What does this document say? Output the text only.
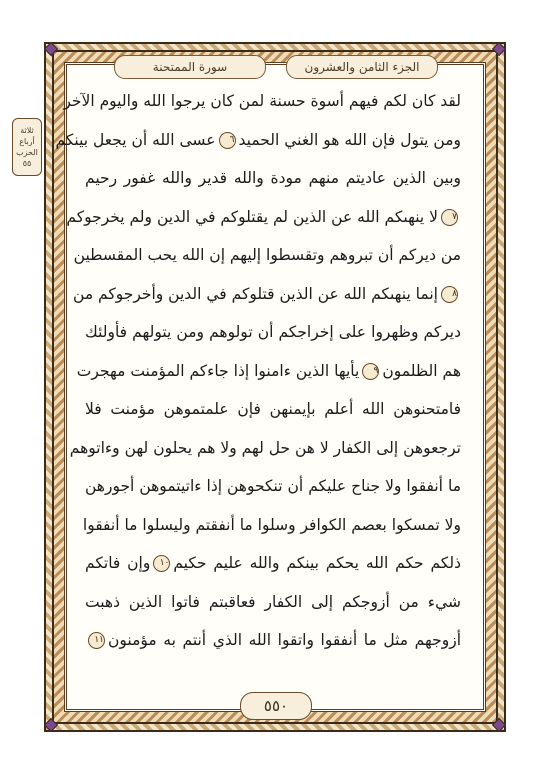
الجزء الثامن والعشرون
سورة الممتحنة
ثلاثة أرباع
الحزب
٥٥
لقد كان لكم فيهم أسوة حسنة لمن كان يرجوا الله واليوم الآخر
ومن يتول فإن الله هو الغني الحميد٦عسى الله أن يجعل بينكم
وبين الذين عاديتم منهم مودة والله قدير والله غفور رحيم
٧لا ينهىكم الله عن الذين لم يقتلوكم في الدين ولم يخرجوكم
من ديركم أن تبروهم وتقسطوا إليهم إن الله يحب المقسطين
٨إنما ينهىكم الله عن الذين قتلوكم في الدين وأخرجوكم من
ديركم وظهروا على إخراجكم أن تولوهم ومن يتولهم فأولئك
هم الظلمون٩يأيها الذين ءامنوا إذا جاءكم المؤمنت مهجرت
فامتحنوهن الله أعلم بإيمنهن فإن علمتموهن مؤمنت فلا
ترجعوهن إلى الكفار لا هن حل لهم ولا هم يحلون لهن وءاتوهم
ما أنفقوا ولا جناح عليكم أن تنكحوهن إذا ءاتيتموهن أجورهن
ولا تمسكوا بعصم الكوافر وسلوا ما أنفقتم وليسلوا ما أنفقوا
ذلكم حكم الله يحكم بينكم والله عليم حكيم١٠وإن فاتكم
شيء من أزوجكم إلى الكفار فعاقبتم فاتوا الذين ذهبت
أزوجهم مثل ما أنفقوا واتقوا الله الذي أنتم به مؤمنون١١
٥٥٠
